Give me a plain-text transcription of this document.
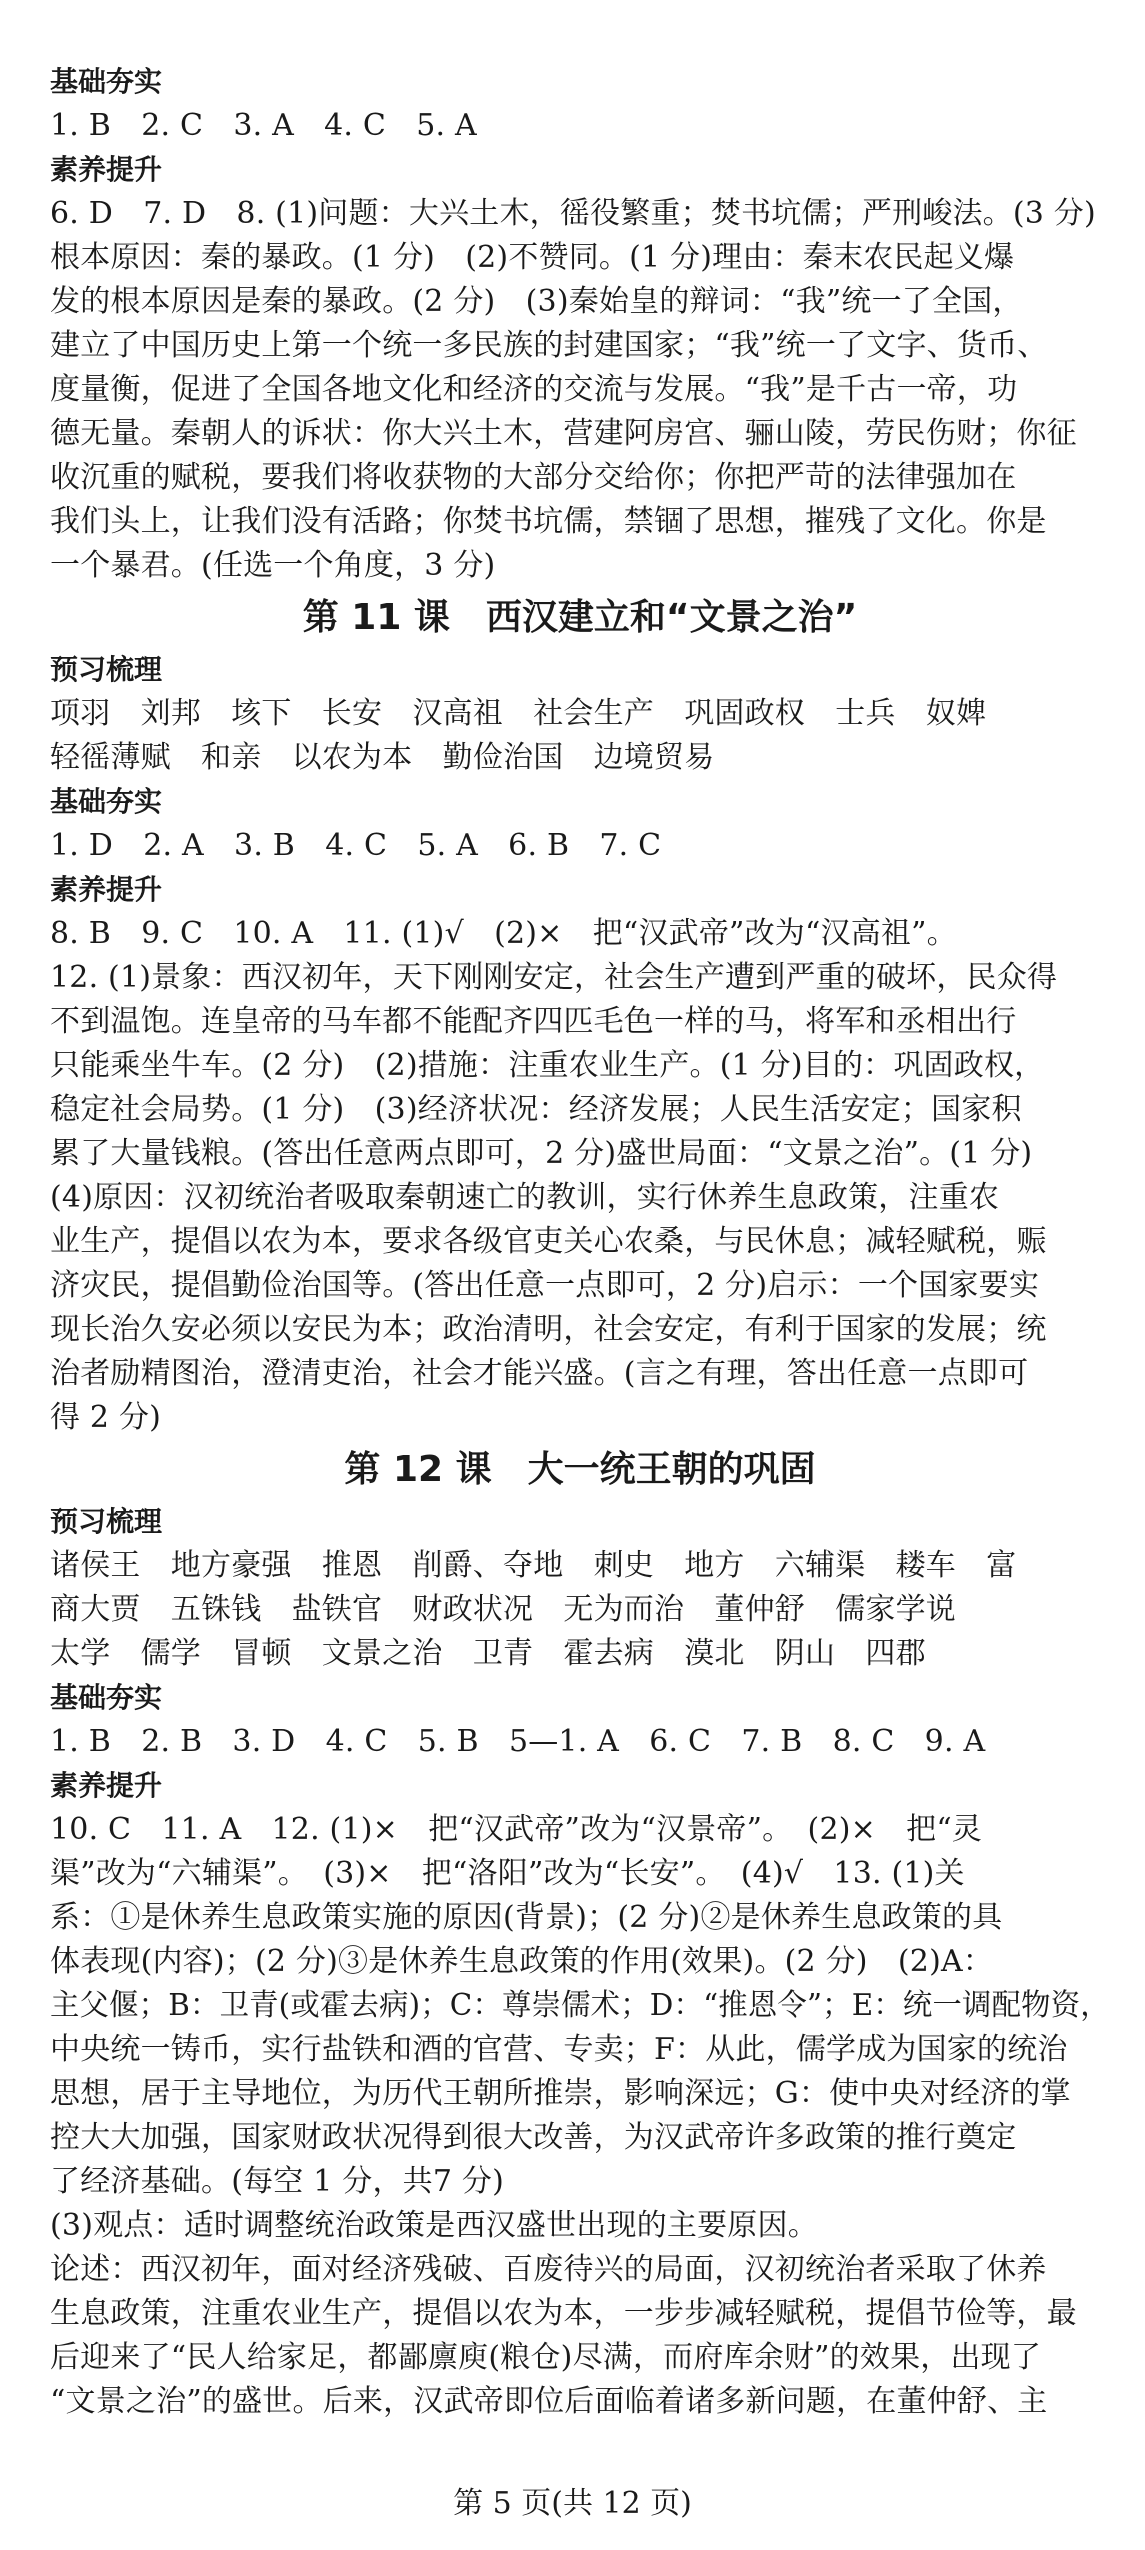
基础夯实
1. B　2. C　3. A　4. C　5. A
素养提升
6. D　7. D　8. (1)问题：大兴土木，徭役繁重；焚书坑儒；严刑峻法。(3 分)
根本原因：秦的暴政。(1 分)　(2)不赞同。(1 分)理由：秦末农民起义爆
发的根本原因是秦的暴政。(2 分)　(3)秦始皇的辩词：“我”统一了全国，
建立了中国历史上第一个统一多民族的封建国家；“我”统一了文字、货币、
度量衡，促进了全国各地文化和经济的交流与发展。“我”是千古一帝，功
德无量。秦朝人的诉状：你大兴土木，营建阿房宫、骊山陵，劳民伤财；你征
收沉重的赋税，要我们将收获物的大部分交给你；你把严苛的法律强加在
我们头上，让我们没有活路；你焚书坑儒，禁锢了思想，摧残了文化。你是
一个暴君。(任选一个角度，3 分)
第 11 课　西汉建立和“文景之治”
预习梳理
项羽　刘邦　垓下　长安　汉高祖　社会生产　巩固政权　士兵　奴婢
轻徭薄赋　和亲　以农为本　勤俭治国　边境贸易
基础夯实
1. D　2. A　3. B　4. C　5. A　6. B　7. C
素养提升
8. B　9. C　10. A　11. (1)√　(2)×　把“汉武帝”改为“汉高祖”。
12. (1)景象：西汉初年，天下刚刚安定，社会生产遭到严重的破坏，民众得
不到温饱。连皇帝的马车都不能配齐四匹毛色一样的马，将军和丞相出行
只能乘坐牛车。(2 分)　(2)措施：注重农业生产。(1 分)目的：巩固政权，
稳定社会局势。(1 分)　(3)经济状况：经济发展；人民生活安定；国家积
累了大量钱粮。(答出任意两点即可，2 分)盛世局面：“文景之治”。(1 分)
(4)原因：汉初统治者吸取秦朝速亡的教训，实行休养生息政策，注重农
业生产，提倡以农为本，要求各级官吏关心农桑，与民休息；减轻赋税，赈
济灾民，提倡勤俭治国等。(答出任意一点即可，2 分)启示：一个国家要实
现长治久安必须以安民为本；政治清明，社会安定，有利于国家的发展；统
治者励精图治，澄清吏治，社会才能兴盛。(言之有理，答出任意一点即可
得 2 分)
第 12 课　大一统王朝的巩固
预习梳理
诸侯王　地方豪强　推恩　削爵、夺地　刺史　地方　六辅渠　耧车　富
商大贾　五铢钱　盐铁官　财政状况　无为而治　董仲舒　儒家学说
太学　儒学　冒顿　文景之治　卫青　霍去病　漠北　阴山　四郡
基础夯实
1. B　2. B　3. D　4. C　5. B　5—1. A　6. C　7. B　8. C　9. A
素养提升
10. C　11. A　12. (1)×　把“汉武帝”改为“汉景帝”。　(2)×　把“灵
渠”改为“六辅渠”。　(3)×　把“洛阳”改为“长安”。　(4)√　13. (1)关
系：①是休养生息政策实施的原因(背景)；(2 分)②是休养生息政策的具
体表现(内容)；(2 分)③是休养生息政策的作用(效果)。(2 分)　(2)A：
主父偃；B：卫青(或霍去病)；C：尊崇儒术；D：“推恩令”；E：统一调配物资，
中央统一铸币，实行盐铁和酒的官营、专卖；F：从此，儒学成为国家的统治
思想，居于主导地位，为历代王朝所推崇，影响深远；G：使中央对经济的掌
控大大加强，国家财政状况得到很大改善，为汉武帝许多政策的推行奠定
了经济基础。(每空 1 分，共7 分)
(3)观点：适时调整统治政策是西汉盛世出现的主要原因。
论述：西汉初年，面对经济残破、百废待兴的局面，汉初统治者采取了休养
生息政策，注重农业生产，提倡以农为本，一步步减轻赋税，提倡节俭等，最
后迎来了“民人给家足，都鄙廪庾(粮仓)尽满，而府库余财”的效果，出现了
“文景之治”的盛世。后来，汉武帝即位后面临着诸多新问题，在董仲舒、主
第 5 页(共 12 页)
